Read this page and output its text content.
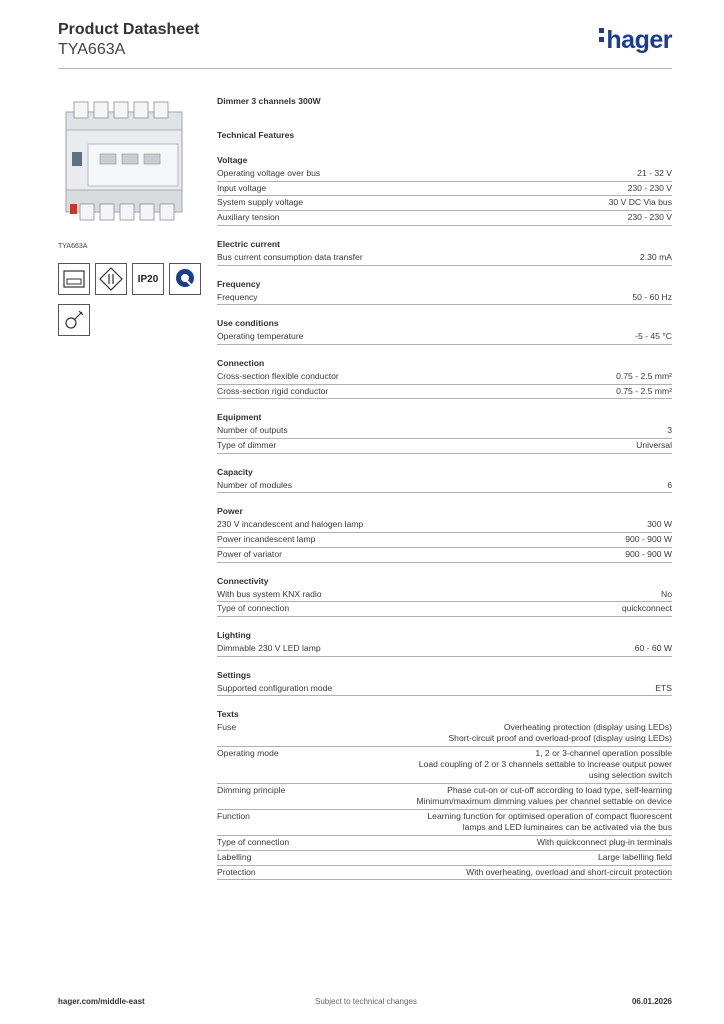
Product Datasheet
TYA663A	hager
TYA663A
IP20
Dimmer 3 channels 300W
Technical Features
Voltage
Operating voltage over bus	21 - 32 V
Input voltage	230 - 230 V
System supply voltage	30 V DC Via bus
Auxiliary tension	230 - 230 V
Electric current
Bus current consumption data transfer	2.30 mA
Frequency
Frequency	50 - 60 Hz
Use conditions
Operating temperature	-5 - 45 °C
Connection
Cross-section flexible conductor	0.75 - 2.5 mm²
Cross-section rigid conductor	0.75 - 2.5 mm²
Equipment
Number of outputs	3
Type of dimmer	Universal
Capacity
Number of modules	6
Power
230 V incandescent and halogen lamp	300 W
Power incandescent lamp	900 - 900 W
Power of variator	900 - 900 W
Connectivity
With bus system KNX radio	No
Type of connection	quickconnect
Lighting
Dimmable 230 V LED lamp	60 - 60 W
Settings
Supported configuration mode	ETS
Texts
Fuse	Overheating protection (display using LEDs)
Short-circuit proof and overload-proof (display using LEDs)
Operating mode	1, 2 or 3-channel operation possible
Load coupling of 2 or 3 channels settable to increase output power
using selection switch
Dimming principle	Phase cut-on or cut-off according to load type, self-learning
Minimum/maximum dimming values per channel settable on device
Function	Learning function for optimised operation of compact fluorescent
lamps and LED luminaires can be activated via the bus
Type of connection	With quickconnect plug-in terminals
Labelling	Large labelling field
Protection	With overheating, overload and short-circuit protection
hager.com/middle-east	Subject to technical changes	06.01.2026
